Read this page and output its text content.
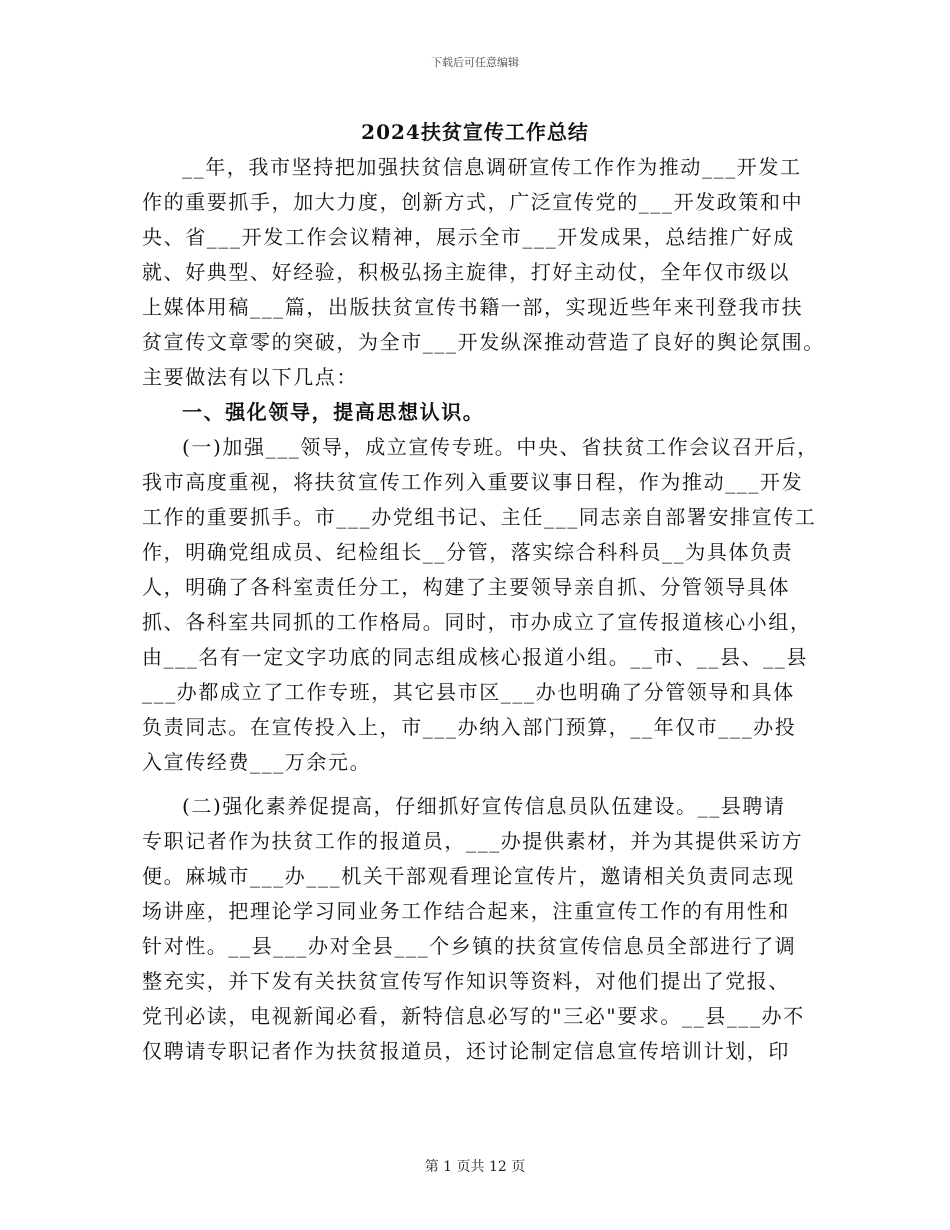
下载后可任意编辑
2024扶贫宣传工作总结
__年，我市坚持把加强扶贫信息调研宣传工作作为推动___开发工
作的重要抓手，加大力度，创新方式，广泛宣传党的___开发政策和中
央、省___开发工作会议精神，展示全市___开发成果，总结推广好成
就、好典型、好经验，积极弘扬主旋律，打好主动仗，全年仅市级以
上媒体用稿___篇，出版扶贫宣传书籍一部，实现近些年来刊登我市扶
贫宣传文章零的突破，为全市___开发纵深推动营造了良好的舆论氛围。
主要做法有以下几点：
一、强化领导，提高思想认识。
(一)加强___领导，成立宣传专班。中央、省扶贫工作会议召开后，
我市高度重视，将扶贫宣传工作列入重要议事日程，作为推动___开发
工作的重要抓手。市___办党组书记、主任___同志亲自部署安排宣传工
作，明确党组成员、纪检组长__分管，落实综合科科员__为具体负责
人，明确了各科室责任分工，构建了主要领导亲自抓、分管领导具体
抓、各科室共同抓的工作格局。同时，市办成立了宣传报道核心小组，
由___名有一定文字功底的同志组成核心报道小组。__市、__县、__县
___办都成立了工作专班，其它县市区___办也明确了分管领导和具体
负责同志。在宣传投入上，市___办纳入部门预算，__年仅市___办投
入宣传经费___万余元。
(二)强化素养促提高，仔细抓好宣传信息员队伍建设。__县聘请
专职记者作为扶贫工作的报道员，___办提供素材，并为其提供采访方
便。麻城市___办___机关干部观看理论宣传片，邀请相关负责同志现
场讲座，把理论学习同业务工作结合起来，注重宣传工作的有用性和
针对性。__县___办对全县___个乡镇的扶贫宣传信息员全部进行了调
整充实，并下发有关扶贫宣传写作知识等资料，对他们提出了党报、
党刊必读，电视新闻必看，新特信息必写的"三必"要求。__县___办不
仅聘请专职记者作为扶贫报道员，还讨论制定信息宣传培训计划，印
第 1 页共 12 页
